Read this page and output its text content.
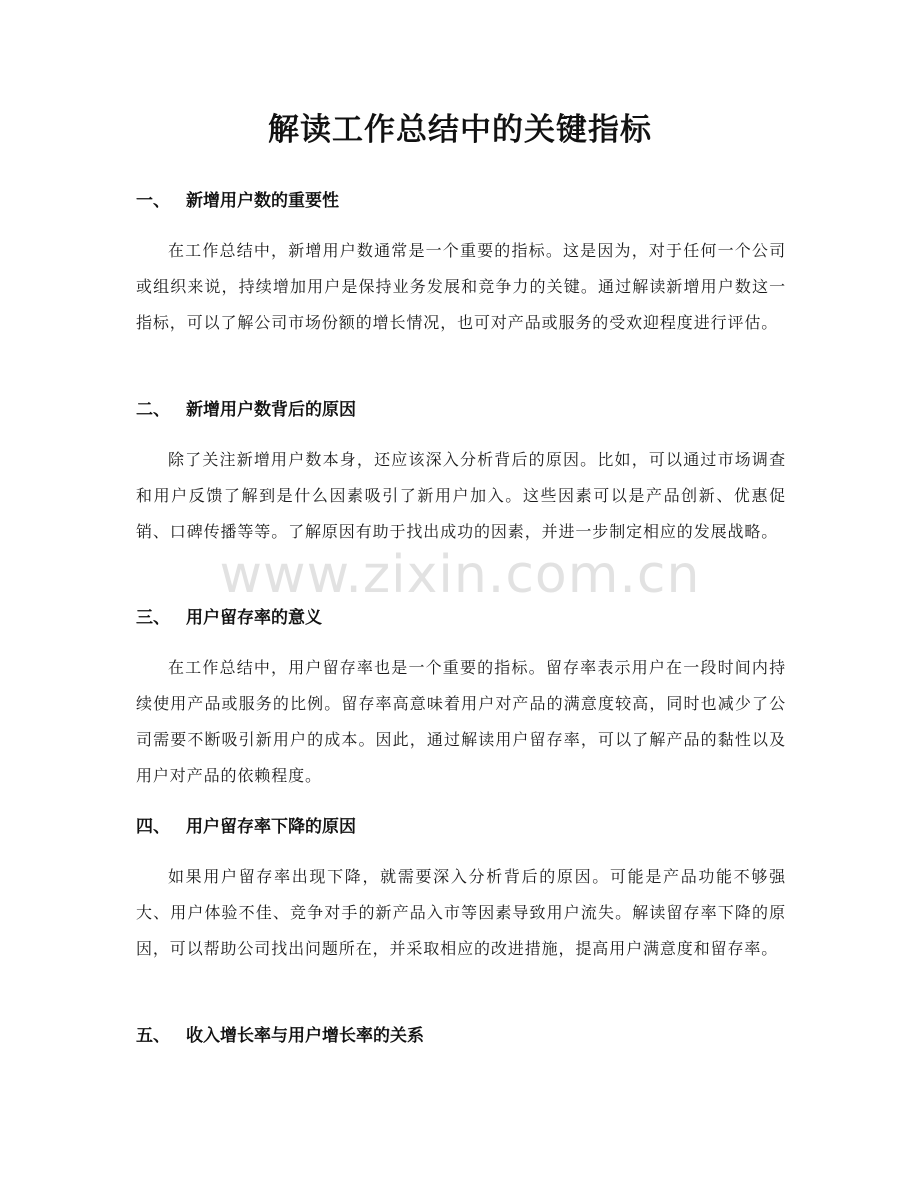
解读工作总结中的关键指标
一、 新增用户数的重要性

在工作总结中，新增用户数通常是一个重要的指标。这是因为，对于任何一个公司或组织来说，持续增加用户是保持业务发展和竞争力的关键。通过解读新增用户数这一指标，可以了解公司市场份额的增长情况，也可对产品或服务的受欢迎程度进行评估。

二、 新增用户数背后的原因

除了关注新增用户数本身，还应该深入分析背后的原因。比如，可以通过市场调查和用户反馈了解到是什么因素吸引了新用户加入。这些因素可以是产品创新、优惠促销、口碑传播等等。了解原因有助于找出成功的因素，并进一步制定相应的发展战略。

三、 用户留存率的意义

在工作总结中，用户留存率也是一个重要的指标。留存率表示用户在一段时间内持续使用产品或服务的比例。留存率高意味着用户对产品的满意度较高，同时也减少了公司需要不断吸引新用户的成本。因此，通过解读用户留存率，可以了解产品的黏性以及用户对产品的依赖程度。

四、 用户留存率下降的原因

如果用户留存率出现下降，就需要深入分析背后的原因。可能是产品功能不够强大、用户体验不佳、竞争对手的新产品入市等因素导致用户流失。解读留存率下降的原因，可以帮助公司找出问题所在，并采取相应的改进措施，提高用户满意度和留存率。

五、 收入增长率与用户增长率的关系
www.zixin.com.cn
